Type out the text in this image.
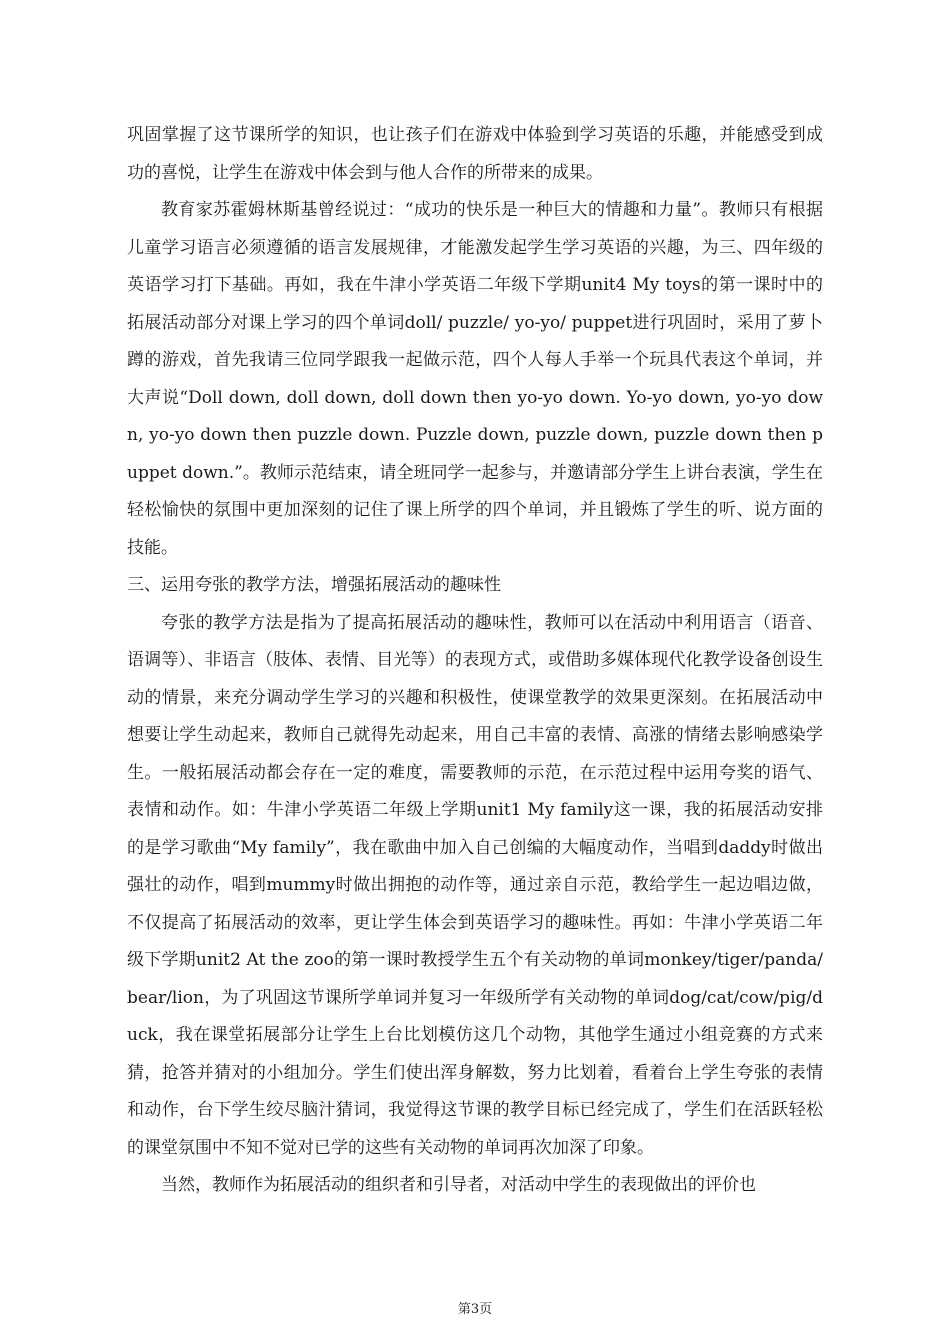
巩固掌握了这节课所学的知识，也让孩子们在游戏中体验到学习英语的乐趣，并能感受到成功的喜悦，让学生在游戏中体会到与他人合作的所带来的成果。

教育家苏霍姆林斯基曾经说过：“成功的快乐是一种巨大的情趣和力量”。教师只有根据儿童学习语言必须遵循的语言发展规律，才能激发起学生学习英语的兴趣，为三、四年级的英语学习打下基础。再如，我在牛津小学英语二年级下学期unit4 My toys的第一课时中的拓展活动部分对课上学习的四个单词doll/ puzzle/ yo-yo/ puppet进行巩固时，采用了萝卜蹲的游戏，首先我请三位同学跟我一起做示范，四个人每人手举一个玩具代表这个单词，并大声说“Doll down, doll down, doll down then yo-yo down. Yo-yo down, yo-yo down, yo-yo down then puzzle down. Puzzle down, puzzle down, puzzle down then puppet down.”。教师示范结束，请全班同学一起参与，并邀请部分学生上讲台表演，学生在轻松愉快的氛围中更加深刻的记住了课上所学的四个单词，并且锻炼了学生的听、说方面的技能。

三、运用夸张的教学方法，增强拓展活动的趣味性

夸张的教学方法是指为了提高拓展活动的趣味性，教师可以在活动中利用语言（语音、语调等）、非语言（肢体、表情、目光等）的表现方式，或借助多媒体现代化教学设备创设生动的情景，来充分调动学生学习的兴趣和积极性，使课堂教学的效果更深刻。在拓展活动中想要让学生动起来，教师自己就得先动起来，用自己丰富的表情、高涨的情绪去影响感染学生。一般拓展活动都会存在一定的难度，需要教师的示范，在示范过程中运用夸奖的语气、表情和动作。如：牛津小学英语二年级上学期unit1 My family这一课，我的拓展活动安排的是学习歌曲“My family”，我在歌曲中加入自己创编的大幅度动作，当唱到daddy时做出强壮的动作，唱到mummy时做出拥抱的动作等，通过亲自示范，教给学生一起边唱边做，不仅提高了拓展活动的效率，更让学生体会到英语学习的趣味性。再如：牛津小学英语二年级下学期unit2 At the zoo的第一课时教授学生五个有关动物的单词monkey/tiger/panda/bear/lion，为了巩固这节课所学单词并复习一年级所学有关动物的单词dog/cat/cow/pig/duck，我在课堂拓展部分让学生上台比划模仿这几个动物，其他学生通过小组竞赛的方式来猜，抢答并猜对的小组加分。学生们使出浑身解数，努力比划着，看着台上学生夸张的表情和动作，台下学生绞尽脑汁猜词，我觉得这节课的教学目标已经完成了，学生们在活跃轻松的课堂氛围中不知不觉对已学的这些有关动物的单词再次加深了印象。

当然，教师作为拓展活动的组织者和引导者，对活动中学生的表现做出的评价也

第3页
